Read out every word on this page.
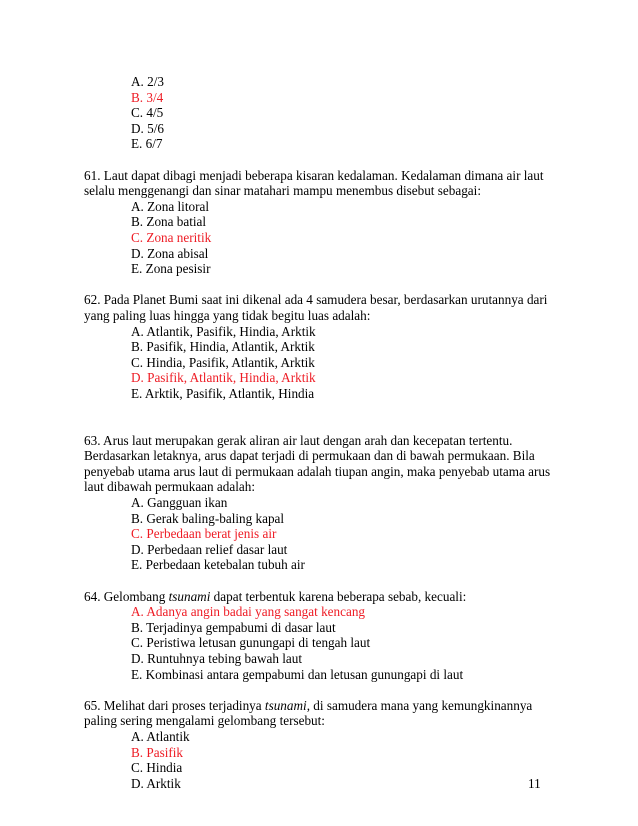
A. 2/3
B. 3/4
C. 4/5
D. 5/6
E. 6/7

61. Laut dapat dibagi menjadi beberapa kisaran kedalaman. Kedalaman dimana air laut selalu menggenangi dan sinar matahari mampu menembus disebut sebagai:

A. Zona litoral
B. Zona batial
C. Zona neritik
D. Zona abisal
E. Zona pesisir

62. Pada Planet Bumi saat ini dikenal ada 4 samudera besar, berdasarkan urutannya dari yang paling luas hingga yang tidak begitu luas adalah:

A. Atlantik, Pasifik, Hindia, Arktik
B. Pasifik, Hindia, Atlantik, Arktik
C. Hindia, Pasifik, Atlantik, Arktik
D. Pasifik, Atlantik, Hindia, Arktik
E. Arktik, Pasifik, Atlantik, Hindia

63. Arus laut merupakan gerak aliran air laut dengan arah dan kecepatan tertentu. Berdasarkan letaknya, arus dapat terjadi di permukaan dan di bawah permukaan. Bila penyebab utama arus laut di permukaan adalah tiupan angin, maka penyebab utama arus laut dibawah permukaan adalah:

A. Gangguan ikan
B. Gerak baling-baling kapal
C. Perbedaan berat jenis air
D. Perbedaan relief dasar laut
E. Perbedaan ketebalan tubuh air

64. Gelombang tsunami dapat terbentuk karena beberapa sebab, kecuali:

A. Adanya angin badai yang sangat kencang
B. Terjadinya gempabumi di dasar laut
C. Peristiwa letusan gunungapi di tengah laut
D. Runtuhnya tebing bawah laut
E. Kombinasi antara gempabumi dan letusan gunungapi di laut

65. Melihat dari proses terjadinya tsunami, di samudera mana yang kemungkinannya paling sering mengalami gelombang tersebut:

A. Atlantik
B. Pasifik
C. Hindia
D. Arktik	11
